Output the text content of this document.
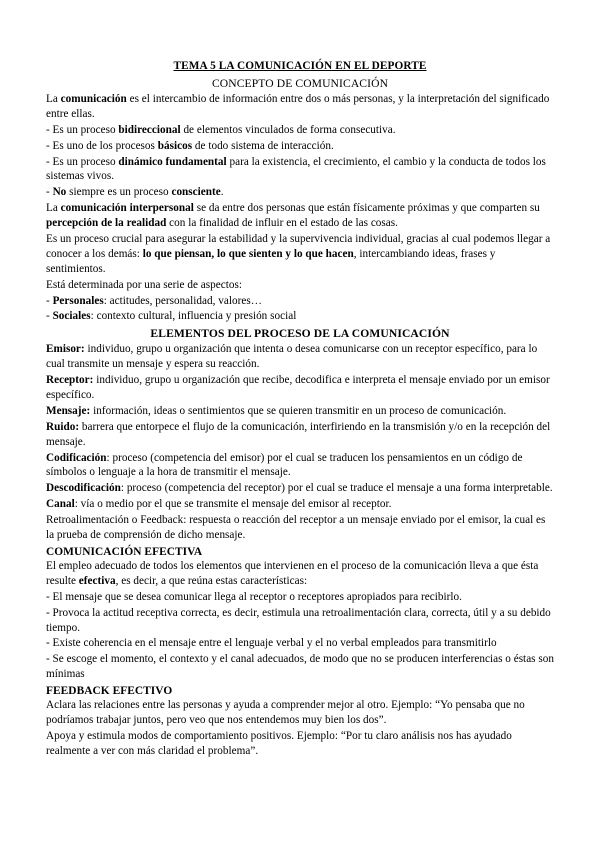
TEMA 5 LA COMUNICACIÓN EN EL DEPORTE
CONCEPTO DE COMUNICACIÓN

La comunicación es el intercambio de información entre dos o más personas, y la interpretación del significado entre ellas.

- Es un proceso bidireccional de elementos vinculados de forma consecutiva.

- Es uno de los procesos básicos de todo sistema de interacción.

- Es un proceso dinámico fundamental para la existencia, el crecimiento, el cambio y la conducta de todos los sistemas vivos.

- No siempre es un proceso consciente.

La comunicación interpersonal se da entre dos personas que están físicamente próximas y que comparten su percepción de la realidad con la finalidad de influir en el estado de las cosas.

Es un proceso crucial para asegurar la estabilidad y la supervivencia individual, gracias al cual podemos llegar a conocer a los demás: lo que piensan, lo que sienten y lo que hacen, intercambiando ideas, frases y sentimientos.

Está determinada por una serie de aspectos:

- Personales: actitudes, personalidad, valores…

- Sociales: contexto cultural, influencia y presión social

ELEMENTOS DEL PROCESO DE LA COMUNICACIÓN

Emisor: individuo, grupo u organización que intenta o desea comunicarse con un receptor específico, para lo cual transmite un mensaje y espera su reacción.

Receptor: individuo, grupo u organización que recibe, decodifica e interpreta el mensaje enviado por un emisor específico.

Mensaje: información, ideas o sentimientos que se quieren transmitir en un proceso de comunicación.

Ruido: barrera que entorpece el flujo de la comunicación, interfiriendo en la transmisión y/o en la recepción del mensaje.

Codificación: proceso (competencia del emisor) por el cual se traducen los pensamientos en un código de símbolos o lenguaje a la hora de transmitir el mensaje.

Descodificación: proceso (competencia del receptor) por el cual se traduce el mensaje a una forma interpretable.

Canal: vía o medio por el que se transmite el mensaje del emisor al receptor.

Retroalimentación o Feedback: respuesta o reacción del receptor a un mensaje enviado por el emisor, la cual es la prueba de comprensión de dicho mensaje.

COMUNICACIÓN EFECTIVA

El empleo adecuado de todos los elementos que intervienen en el proceso de la comunicación lleva a que ésta resulte efectiva, es decir, a que reúna estas características:

- El mensaje que se desea comunicar llega al receptor o receptores apropiados para recibirlo.

- Provoca la actitud receptiva correcta, es decir, estimula una retroalimentación clara, correcta, útil y a su debido tiempo.

- Existe coherencia en el mensaje entre el lenguaje verbal y el no verbal empleados para transmitirlo

- Se escoge el momento, el contexto y el canal adecuados, de modo que no se producen interferencias o éstas son mínimas

FEEDBACK EFECTIVO

Aclara las relaciones entre las personas y ayuda a comprender mejor al otro. Ejemplo: “Yo pensaba que no podríamos trabajar juntos, pero veo que nos entendemos muy bien los dos”.

Apoya y estimula modos de comportamiento positivos. Ejemplo: “Por tu claro análisis nos has ayudado realmente a ver con más claridad el problema”.
